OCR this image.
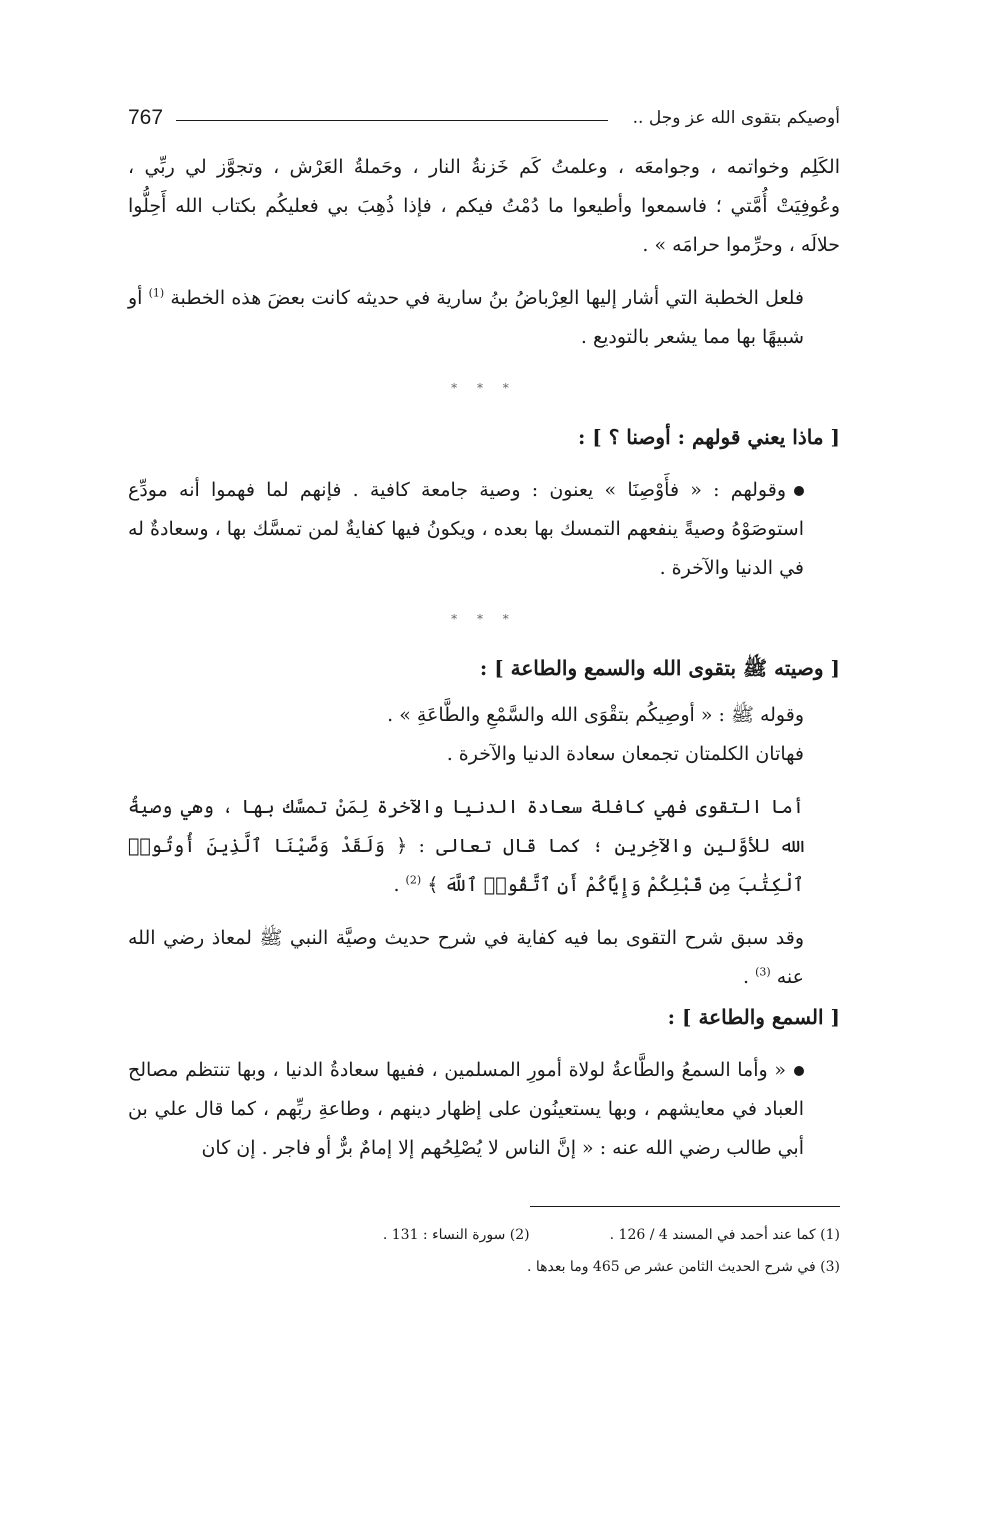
767	أوصيكم بتقوى الله عز وجل ..

الكَلِم وخواتمه ، وجوامعَه ، وعلمتُ كَم خَزنةُ النار ، وحَملةُ العَرْش ، وتجوَّز لي ربِّي ، وعُوفِيَتْ أُمَّتي ؛ فاسمعوا وأطيعوا ما دُمْتُ فيكم ، فإذا ذُهِبَ بي فعليكُم بكتاب الله أَحِلُّوا حلالَه ، وحرِّموا حرامَه » .

فلعل الخطبة التي أشار إليها العِرْباضُ بنُ سارية في حديثه كانت بعضَ هذه الخطبة $^{(1)}$ أو شبيهًا بها مما يشعر بالتوديع .

* * *
[ ماذا يعني قولهم : أوصنا ؟ ] :

وقولهم : « فأَوْصِنَا » يعنون : وصية جامعة كافية . فإنهم لما فهموا أنه مودِّع استوصَوْهُ وصيةً ينفعهم التمسك بها بعده ، ويكونُ فيها كفايةٌ لمن تمسَّك بها ، وسعادةٌ له في الدنيا والآخرة .

* * *
[ وصيته ﷺ بتقوى الله والسمع والطاعة ] :

وقوله ﷺ : « أوصِيكُم بتقْوَى الله والسَّمْعِ والطَّاعَةِ » .

فهاتان الكلمتان تجمعان سعادة الدنيا والآخرة .

أما التقوى فهي كافلة سعادة الدنيا والآخرة لِمَنْ تمسَّك بها ، وهي وصيةُ الله للأوَّلين والآخِرين ؛ كما قال تعالى : ﴿ وَلَقَدْ وَصَّيْنَا ٱلَّذِينَ أُوتُوا۟ ٱلْكِتَٰبَ مِن قَبْلِكُمْ وَإِيَّاكُمْ أَنِ ٱتَّقُوا۟ ٱللَّهَ ﴾ $^{(2)}$ .

وقد سبق شرح التقوى بما فيه كفاية في شرح حديث وصيَّة النبي ﷺ لمعاذ رضي الله عنه $^{(3)}$ .

[ السمع والطاعة ] :

« وأما السمعُ والطَّاعةُ لولاة أمورِ المسلمين ، ففيها سعادةُ الدنيا ، وبها تنتظم مصالح العباد في معايشهم ، وبها يستعينُون على إظهار دينهم ، وطاعةِ ربِّهم ، كما قال علي بن أبي طالب رضي الله عنه : « إنَّ الناس لا يُصْلِحُهم إلا إمامٌ برٌّ أو فاجر . إن كان

(1) كما عند أحمد في المسند 4 / 126 .(2) سورة النساء : 131 .

(3) في شرح الحديث الثامن عشر ص 465 وما بعدها .
